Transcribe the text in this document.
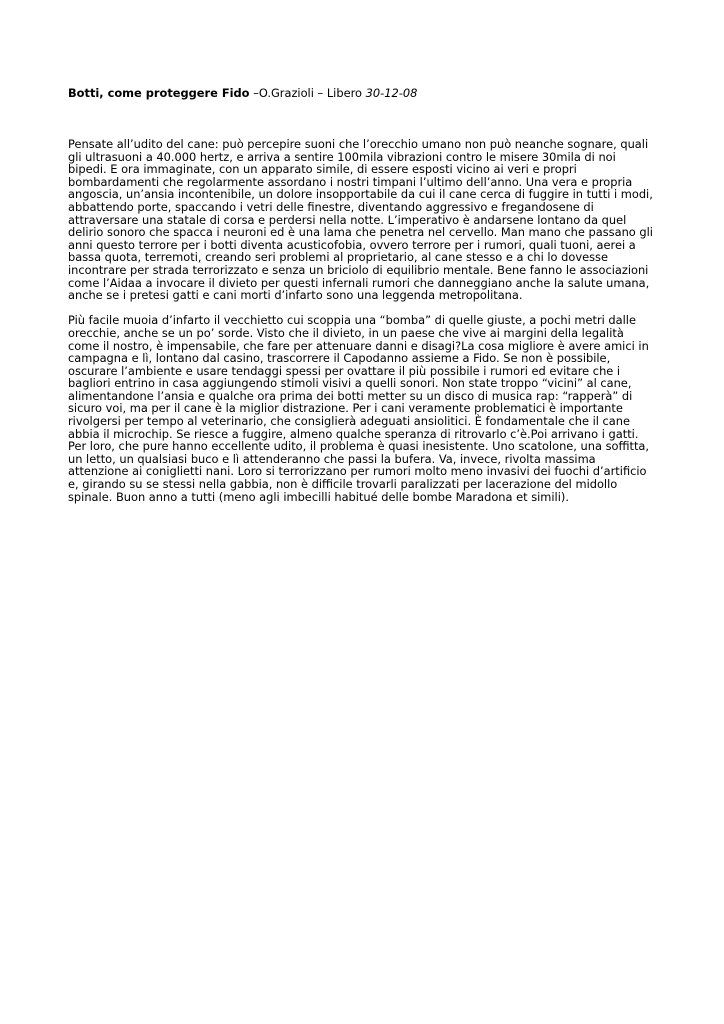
Botti, come proteggere Fido –O.Grazioli – Libero 30-12-08

Pensate all’udito del cane: può percepire suoni che l’orecchio umano non può neanche sognare, quali gli ultrasuoni a 40.000 hertz, e arriva a sentire 100mila vibrazioni contro le misere 30mila di noi bipedi. E ora immaginate, con un apparato simile, di essere esposti vicino ai veri e propri bombardamenti che regolarmente assordano i nostri timpani l’ultimo dell’anno. Una vera e propria angoscia, un’ansia incontenibile, un dolore insopportabile da cui il cane cerca di fuggire in tutti i modi, abbattendo porte, spaccando i vetri delle finestre, diventando aggressivo e fregandosene di attraversare una statale di corsa e perdersi nella notte. L’imperativo è andarsene lontano da quel delirio sonoro che spacca i neuroni ed è una lama che penetra nel cervello. Man mano che passano gli anni questo terrore per i botti diventa acusticofobia, ovvero terrore per i rumori, quali tuoni, aerei a bassa quota, terremoti, creando seri problemi al proprietario, al cane stesso e a chi lo dovesse incontrare per strada terrorizzato e senza un briciolo di equilibrio mentale. Bene fanno le associazioni come l’Aidaa a invocare il divieto per questi infernali rumori che danneggiano anche la salute umana, anche se i pretesi gatti e cani morti d’infarto sono una leggenda metropolitana.

Più facile muoia d’infarto il vecchietto cui scoppia una “bomba” di quelle giuste, a pochi metri dalle orecchie, anche se un po’ sorde. Visto che il divieto, in un paese che vive ai margini della legalità come il nostro, è impensabile, che fare per attenuare danni e disagi?La cosa migliore è avere amici in campagna e lì, lontano dal casino, trascorrere il Capodanno assieme a Fido. Se non è possibile, oscurare l’ambiente e usare tendaggi spessi per ovattare il più possibile i rumori ed evitare che i bagliori entrino in casa aggiungendo stimoli visivi a quelli sonori. Non state troppo “vicini” al cane, alimentandone l’ansia e qualche ora prima dei botti metter su un disco di musica rap: “rapperà” di sicuro voi, ma per il cane è la miglior distrazione. Per i cani veramente problematici è importante rivolgersi per tempo al veterinario, che consiglierà adeguati ansiolitici. È fondamentale che il cane abbia il microchip. Se riesce a fuggire, almeno qualche speranza di ritrovarlo c’è.Poi arrivano i gatti. Per loro, che pure hanno eccellente udito, il problema è quasi inesistente. Uno scatolone, una soffitta, un letto, un qualsiasi buco e lì attenderanno che passi la bufera. Va, invece, rivolta massima attenzione ai coniglietti nani. Loro si terrorizzano per rumori molto meno invasivi dei fuochi d’artificio e, girando su se stessi nella gabbia, non è difficile trovarli paralizzati per lacerazione del midollo spinale. Buon anno a tutti (meno agli imbecilli habitué delle bombe Maradona et simili).
